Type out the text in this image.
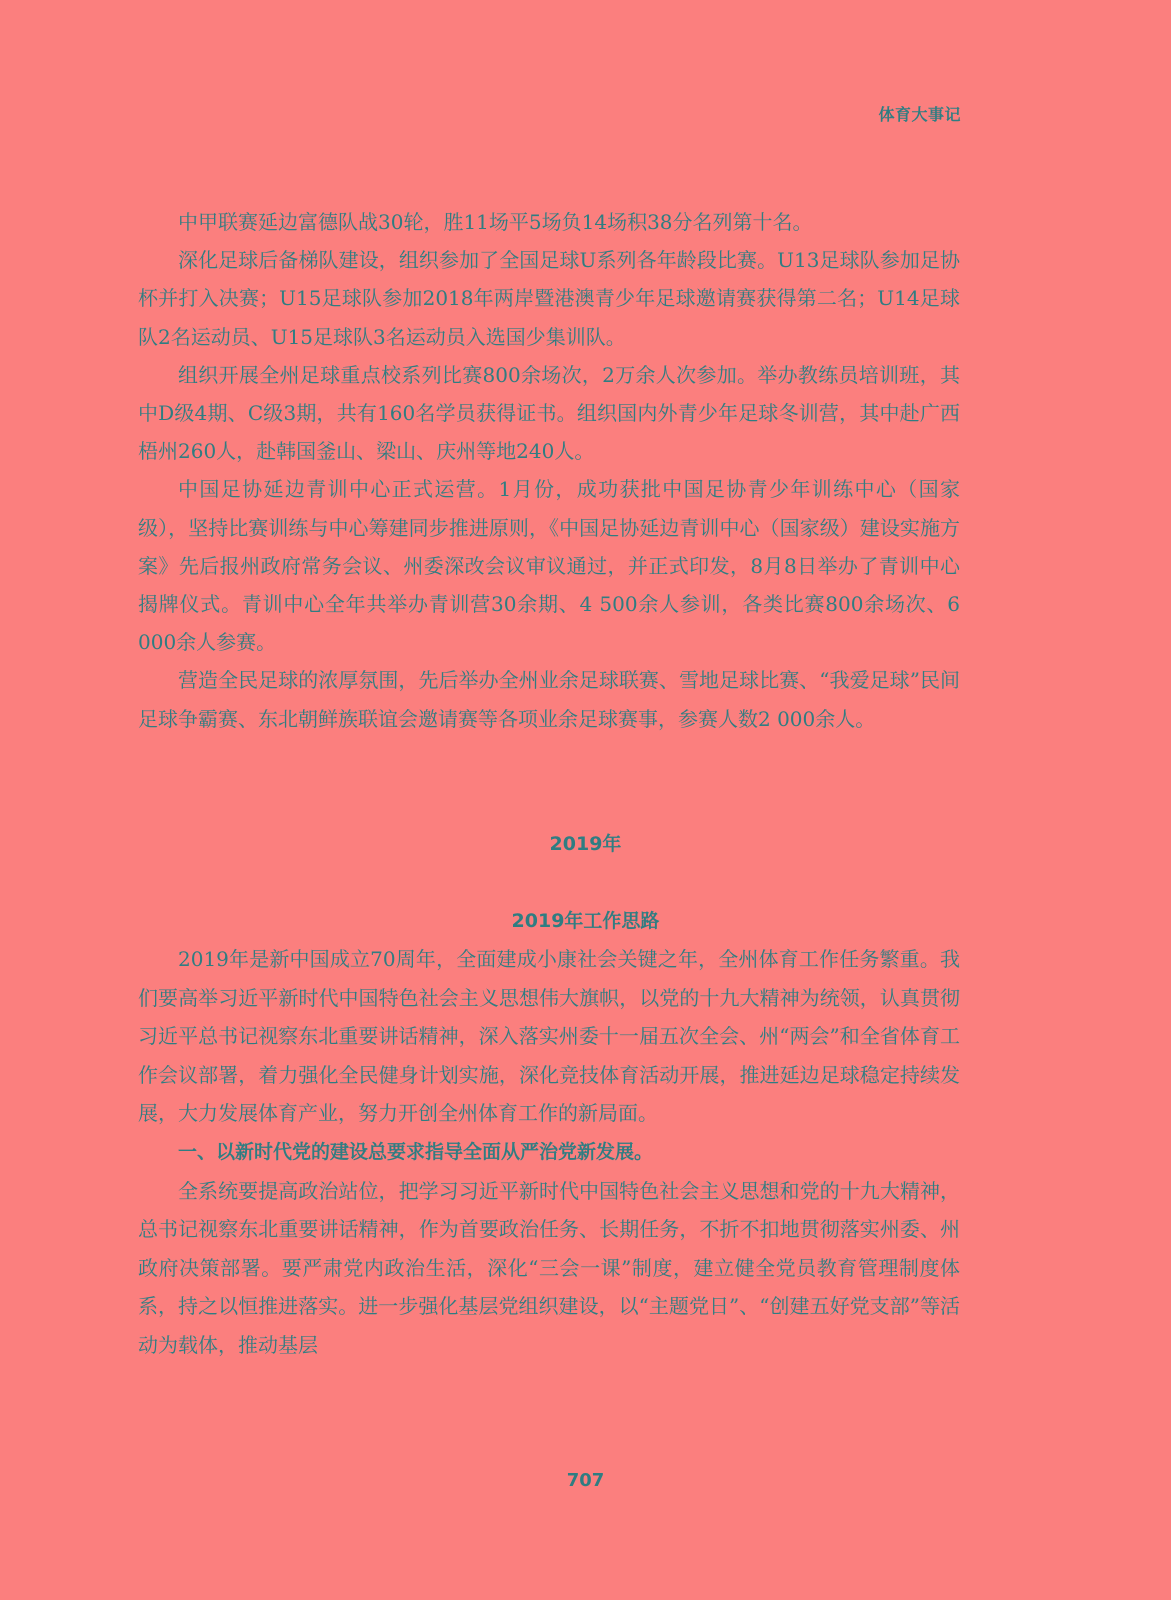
体育大事记

中甲联赛延边富德队战30轮，胜11场平5场负14场积38分名列第十名。

深化足球后备梯队建设，组织参加了全国足球U系列各年龄段比赛。U13足球队参加足协杯并打入决赛；U15足球队参加2018年两岸暨港澳青少年足球邀请赛获得第二名；U14足球队2名运动员、U15足球队3名运动员入选国少集训队。

组织开展全州足球重点校系列比赛800余场次，2万余人次参加。举办教练员培训班，其中D级4期、C级3期，共有160名学员获得证书。组织国内外青少年足球冬训营，其中赴广西梧州260人，赴韩国釜山、梁山、庆州等地240人。

中国足协延边青训中心正式运营。1月份，成功获批中国足协青少年训练中心（国家级），坚持比赛训练与中心筹建同步推进原则，《中国足协延边青训中心（国家级）建设实施方案》先后报州政府常务会议、州委深改会议审议通过，并正式印发，8月8日举办了青训中心揭牌仪式。青训中心全年共举办青训营30余期、4 500余人参训，各类比赛800余场次、6 000余人参赛。

营造全民足球的浓厚氛围，先后举办全州业余足球联赛、雪地足球比赛、“我爱足球”民间足球争霸赛、东北朝鲜族联谊会邀请赛等各项业余足球赛事，参赛人数2 000余人。

2019年
2019年工作思路

2019年是新中国成立70周年，全面建成小康社会关键之年，全州体育工作任务繁重。我们要高举习近平新时代中国特色社会主义思想伟大旗帜，以党的十九大精神为统领，认真贯彻习近平总书记视察东北重要讲话精神，深入落实州委十一届五次全会、州“两会”和全省体育工作会议部署，着力强化全民健身计划实施，深化竞技体育活动开展，推进延边足球稳定持续发展，大力发展体育产业，努力开创全州体育工作的新局面。

一、以新时代党的建设总要求指导全面从严治党新发展。

全系统要提高政治站位，把学习习近平新时代中国特色社会主义思想和党的十九大精神，总书记视察东北重要讲话精神，作为首要政治任务、长期任务，不折不扣地贯彻落实州委、州政府决策部署。要严肃党内政治生活，深化“三会一课”制度，建立健全党员教育管理制度体系，持之以恒推进落实。进一步强化基层党组织建设，以“主题党日”、“创建五好党支部”等活动为载体，推动基层

707
